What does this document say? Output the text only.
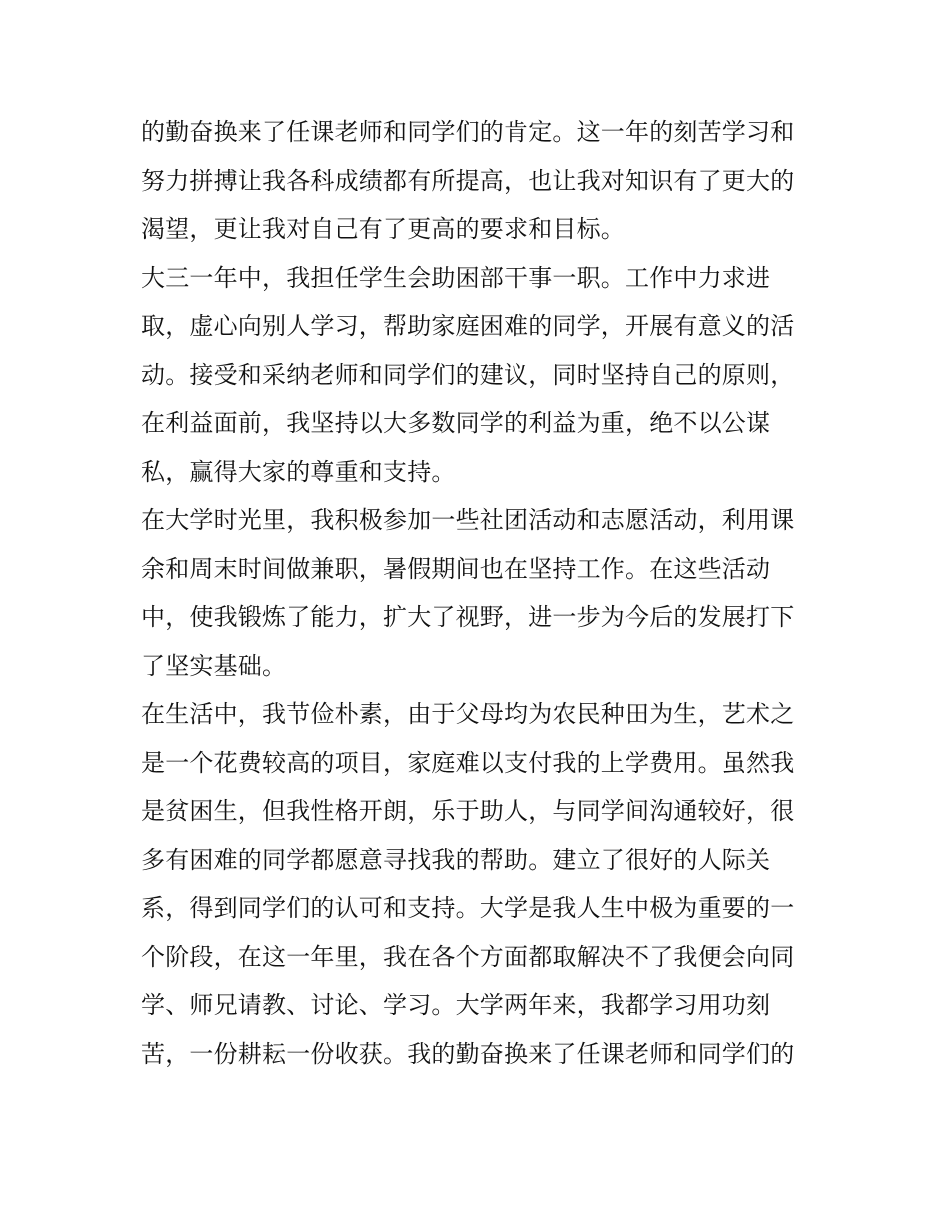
的勤奋换来了任课老师和同学们的肯定。这一年的刻苦学习和
努力拼搏让我各科成绩都有所提高，也让我对知识有了更大的
渴望，更让我对自己有了更高的要求和目标。
大三一年中，我担任学生会助困部干事一职。工作中力求进
取，虚心向别人学习，帮助家庭困难的同学，开展有意义的活
动。接受和采纳老师和同学们的建议，同时坚持自己的原则，
在利益面前，我坚持以大多数同学的利益为重，绝不以公谋
私，赢得大家的尊重和支持。
在大学时光里，我积极参加一些社团活动和志愿活动，利用课
余和周末时间做兼职，暑假期间也在坚持工作。在这些活动
中，使我锻炼了能力，扩大了视野，进一步为今后的发展打下
了坚实基础。
在生活中，我节俭朴素，由于父母均为农民种田为生，艺术之
是一个花费较高的项目，家庭难以支付我的上学费用。虽然我
是贫困生，但我性格开朗，乐于助人，与同学间沟通较好，很
多有困难的同学都愿意寻找我的帮助。建立了很好的人际关
系，得到同学们的认可和支持。大学是我人生中极为重要的一
个阶段，在这一年里，我在各个方面都取解决不了我便会向同
学、师兄请教、讨论、学习。大学两年来，我都学习用功刻
苦，一份耕耘一份收获。我的勤奋换来了任课老师和同学们的
